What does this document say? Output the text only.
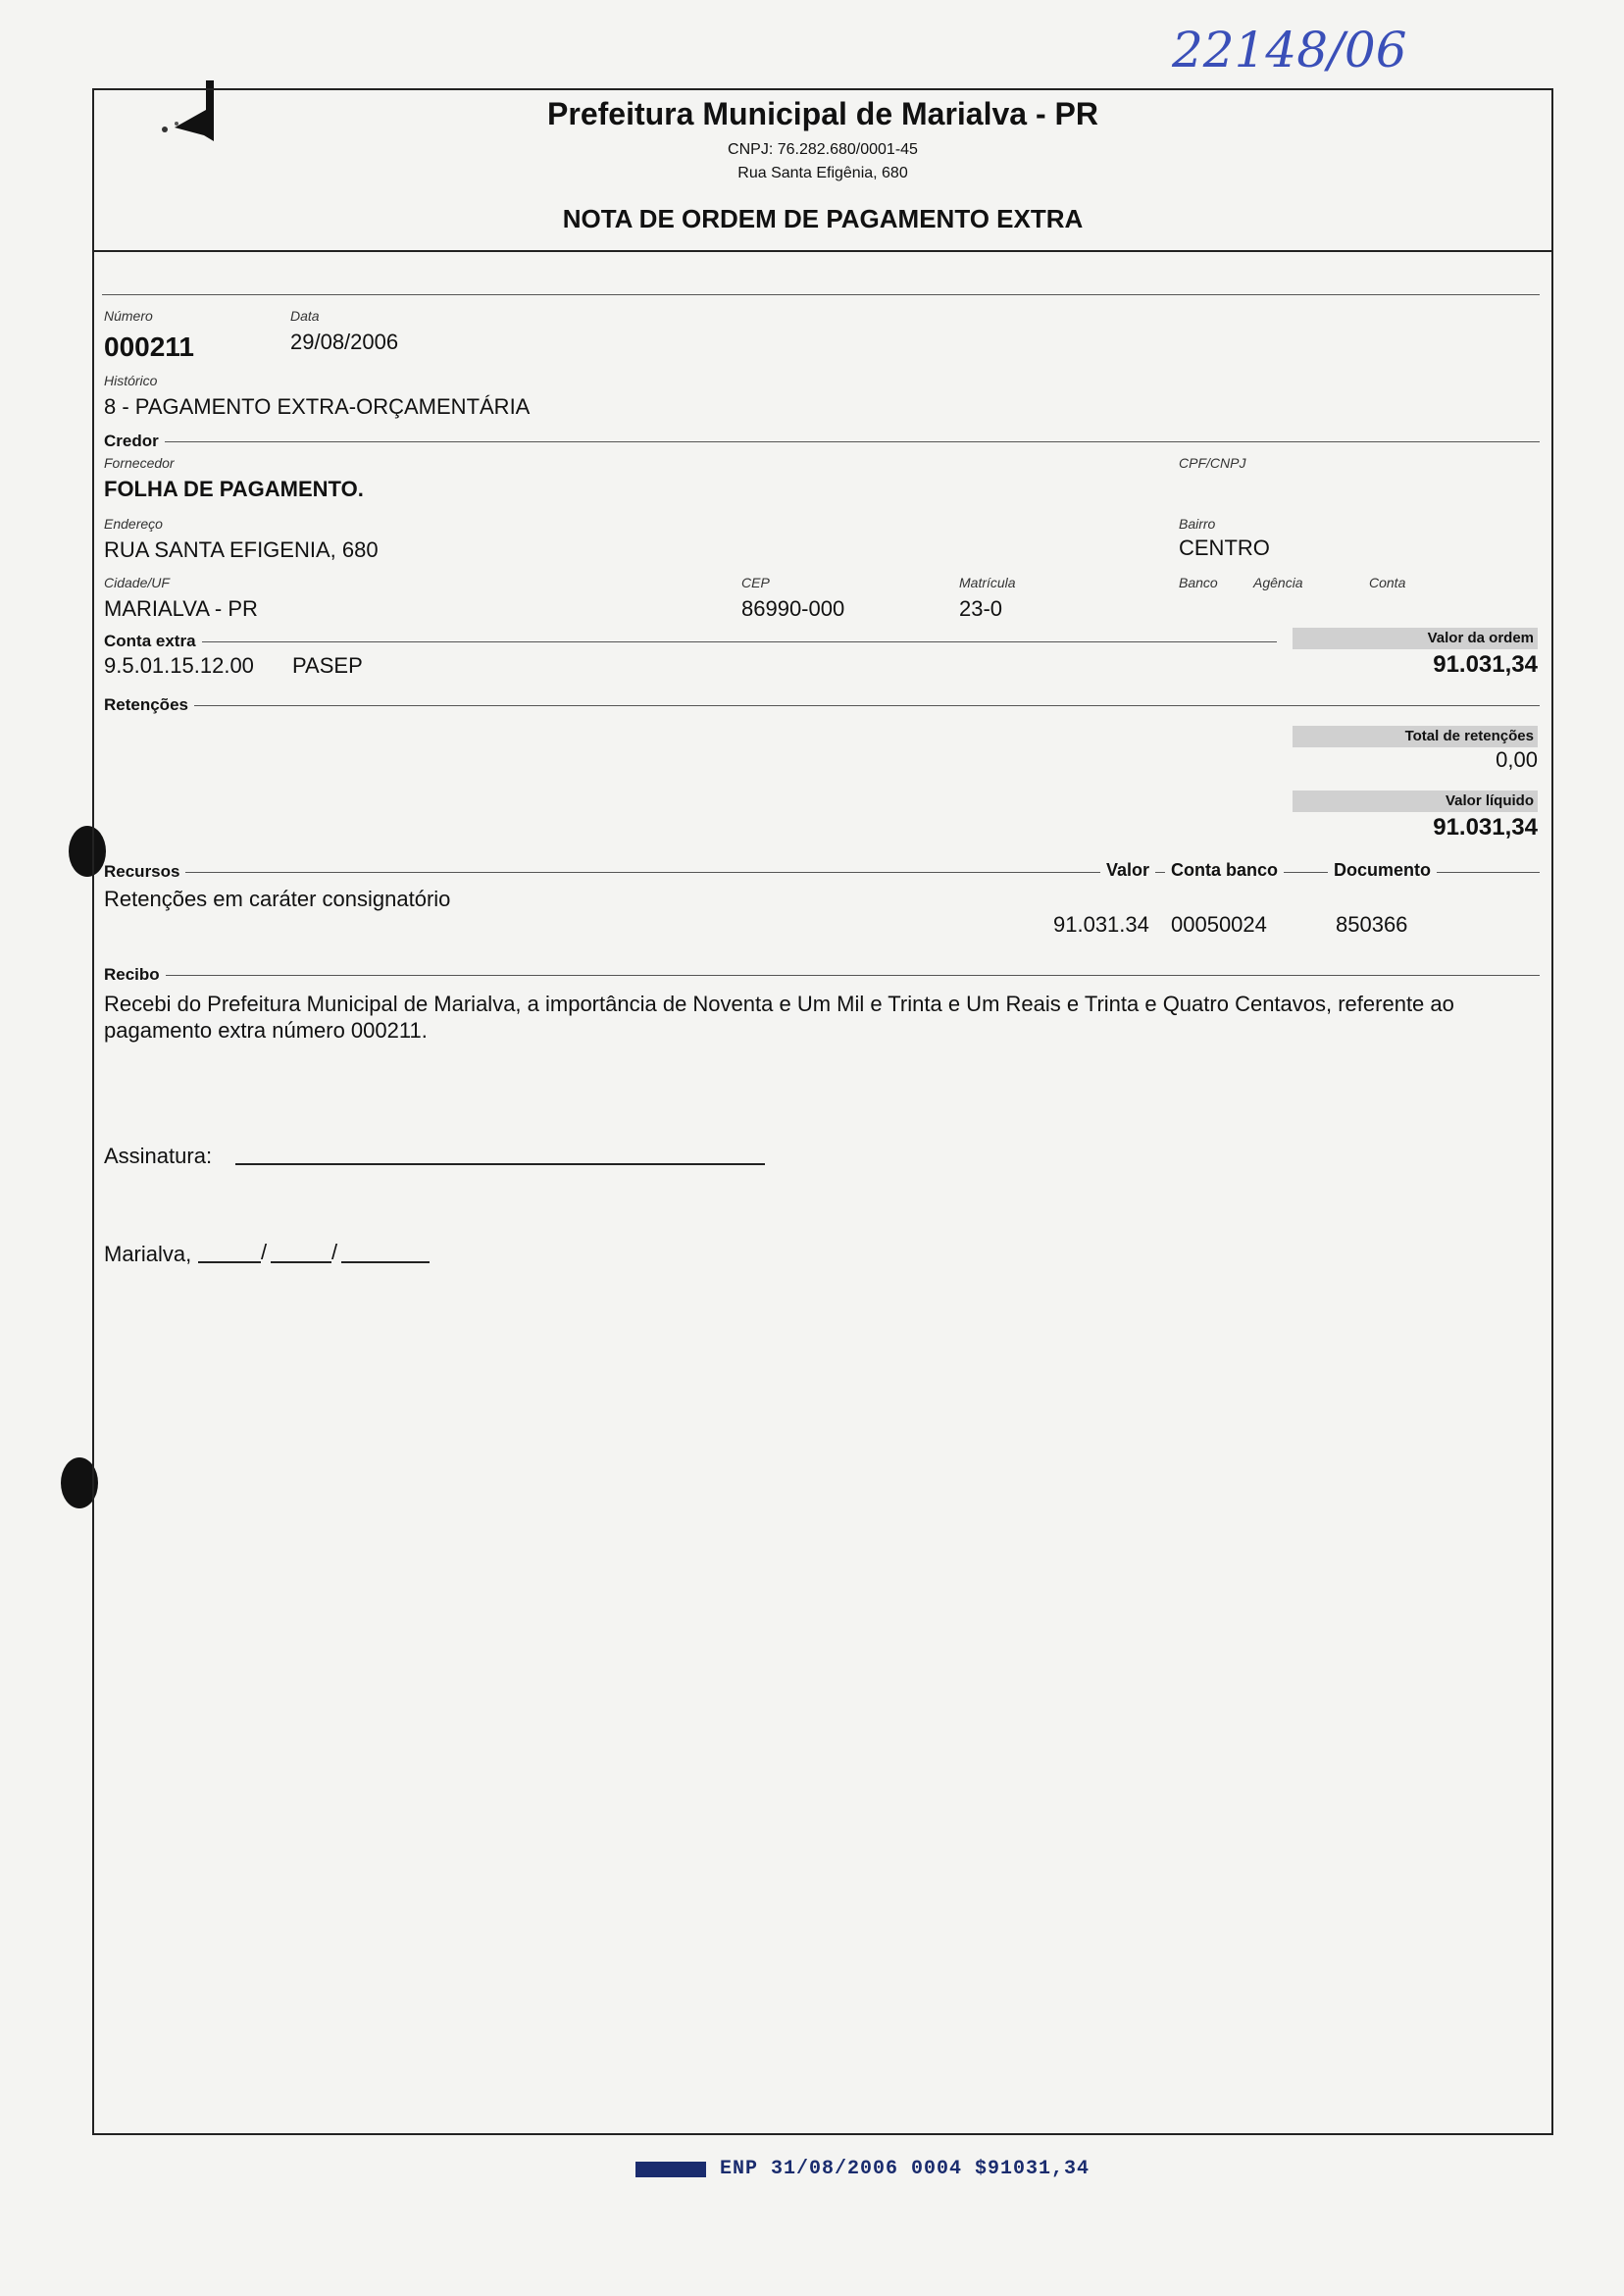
22148/06
Prefeitura Municipal de Marialva - PR
CNPJ: 76.282.680/0001-45
Rua Santa Efigênia, 680
NOTA DE ORDEM DE PAGAMENTO EXTRA
Número
000211
Data
29/08/2006
Histórico
8 - PAGAMENTO EXTRA-ORÇAMENTÁRIA
Credor
Fornecedor
FOLHA DE PAGAMENTO.
CPF/CNPJ
Endereço
RUA SANTA EFIGENIA, 680
Bairro
CENTRO
Cidade/UF
MARIALVA - PR
CEP
86990-000
Matrícula
23-0
Banco	Agência	Conta
Conta extra
9.5.01.15.12.00 PASEP
Valor da ordem
91.031,34
Retenções
Total de retenções
0,00
Valor líquido
91.031,34
Recursos	Valor	Conta banco	Documento
Retenções em caráter consignatório
91.031.34 00050024	850366
Recibo
Recebi do Prefeitura Municipal de Marialva, a importância de Noventa e Um Mil e Trinta e Um Reais e Trinta e Quatro Centavos, referente ao pagamento extra número 000211.
Assinatura:
Marialva,	/	/
ENP 31/08/2006 0004 $91031,34
